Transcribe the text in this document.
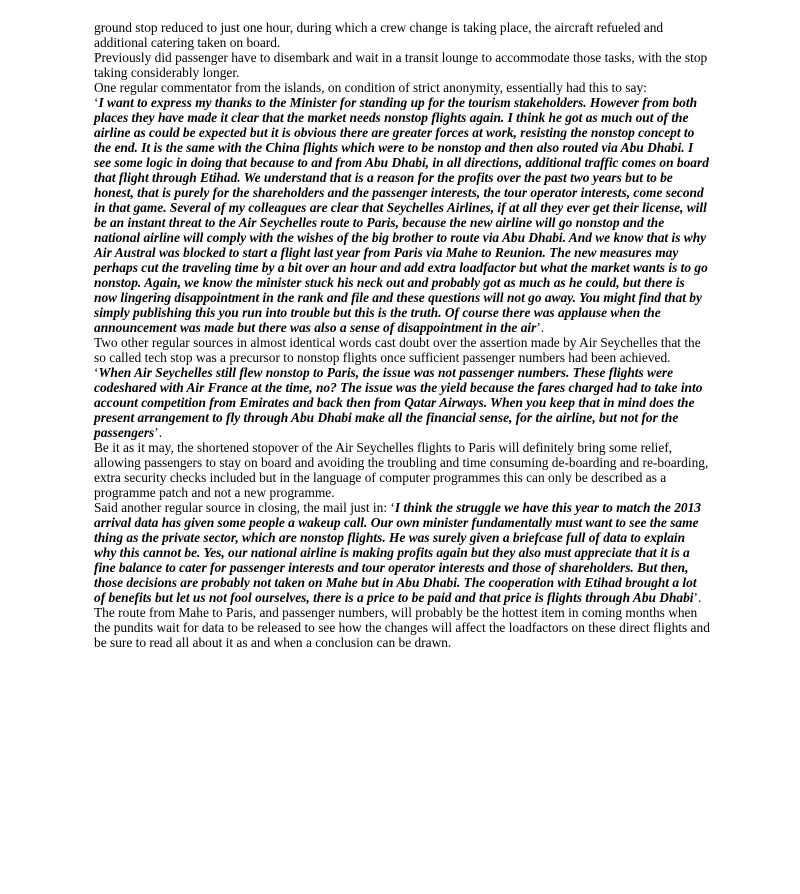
ground stop reduced to just one hour, during which a crew change is taking place, the aircraft refueled and additional catering taken on board.

Previously did passenger have to disembark and wait in a transit lounge to accommodate those tasks, with the stop taking considerably longer.

One regular commentator from the islands, on condition of strict anonymity, essentially had this to say:

‘I want to express my thanks to the Minister for standing up for the tourism stakeholders. However from both places they have made it clear that the market needs nonstop flights again. I think he got as much out of the airline as could be expected but it is obvious there are greater forces at work, resisting the nonstop concept to the end. It is the same with the China flights which were to be nonstop and then also routed via Abu Dhabi. I see some logic in doing that because to and from Abu Dhabi, in all directions, additional traffic comes on board that flight through Etihad. We understand that is a reason for the profits over the past two years but to be honest, that is purely for the shareholders and the passenger interests, the tour operator interests, come second in that game. Several of my colleagues are clear that Seychelles Airlines, if at all they ever get their license, will be an instant threat to the Air Seychelles route to Paris, because the new airline will go nonstop and the national airline will comply with the wishes of the big brother to route via Abu Dhabi. And we know that is why Air Austral was blocked to start a flight last year from Paris via Mahe to Reunion. The new measures may perhaps cut the traveling time by a bit over an hour and add extra loadfactor but what the market wants is to go nonstop. Again, we know the minister stuck his neck out and probably got as much as he could, but there is now lingering disappointment in the rank and file and these questions will not go away. You might find that by simply publishing this you run into trouble but this is the truth. Of course there was applause when the announcement was made but there was also a sense of disappointment in the air’.

Two other regular sources in almost identical words cast doubt over the assertion made by Air Seychelles that the so called tech stop was a precursor to nonstop flights once sufficient passenger numbers had been achieved. ‘When Air Seychelles still flew nonstop to Paris, the issue was not passenger numbers. These flights were codeshared with Air France at the time, no? The issue was the yield because the fares charged had to take into account competition from Emirates and back then from Qatar Airways. When you keep that in mind does the present arrangement to fly through Abu Dhabi make all the financial sense, for the airline, but not for the passengers’.

Be it as it may, the shortened stopover of the Air Seychelles flights to Paris will definitely bring some relief, allowing passengers to stay on board and avoiding the troubling and time consuming de-boarding and re-boarding, extra security checks included but in the language of computer programmes this can only be described as a programme patch and not a new programme.

Said another regular source in closing, the mail just in: ‘I think the struggle we have this year to match the 2013 arrival data has given some people a wakeup call. Our own minister fundamentally must want to see the same thing as the private sector, which are nonstop flights. He was surely given a briefcase full of data to explain why this cannot be. Yes, our national airline is making profits again but they also must appreciate that it is a fine balance to cater for passenger interests and tour operator interests and those of shareholders. But then, those decisions are probably not taken on Mahe but in Abu Dhabi. The cooperation with Etihad brought a lot of benefits but let us not fool ourselves, there is a price to be paid and that price is flights through Abu Dhabi’.

The route from Mahe to Paris, and passenger numbers, will probably be the hottest item in coming months when the pundits wait for data to be released to see how the changes will affect the loadfactors on these direct flights and be sure to read all about it as and when a conclusion can be drawn.
